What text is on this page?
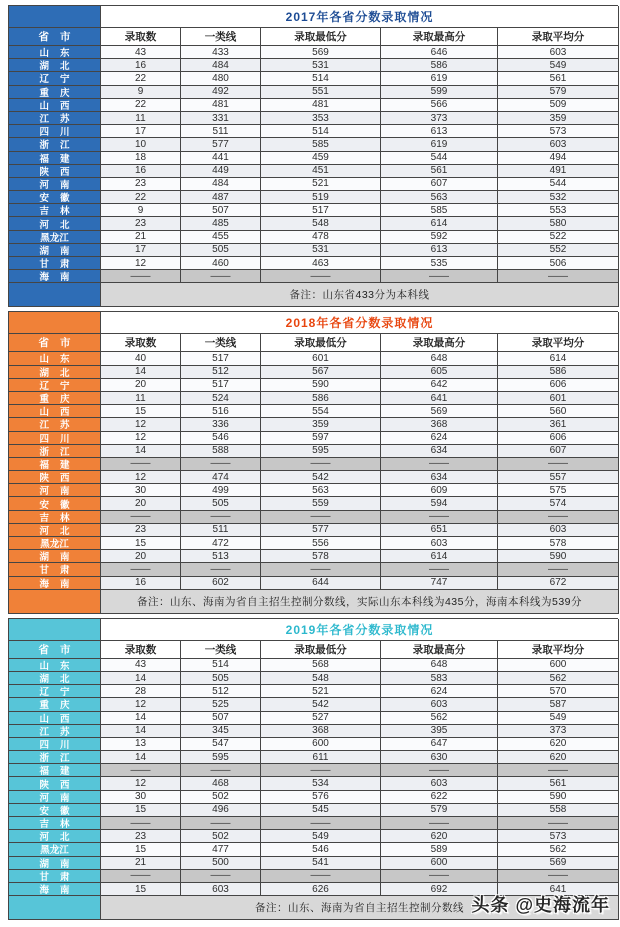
2017年各省分数录取情况
省市	录取数	一类线	录取最低分	录取最高分	录取平均分
山东	43	433	569	646	603
湖北	16	484	531	586	549
辽宁	22	480	514	619	561
重庆	9	492	551	599	579
山西	22	481	481	566	509
江苏	11	331	353	373	359
四川	17	511	514	613	573
浙江	10	577	585	619	603
福建	18	441	459	544	494
陕西	16	449	451	561	491
河南	23	484	521	607	544
安徽	22	487	519	563	532
吉林	9	507	517	585	553
河北	23	485	548	614	580
黑龙江	21	455	478	592	522
湖南	17	505	531	613	552
甘肃	12	460	463	535	506
海南	——	——	——	——	——
备注：山东省433分为本科线
2018年各省分数录取情况
省市	录取数	一类线	录取最低分	录取最高分	录取平均分
山东	40	517	601	648	614
湖北	14	512	567	605	586
辽宁	20	517	590	642	606
重庆	11	524	586	641	601
山西	15	516	554	569	560
江苏	12	336	359	368	361
四川	12	546	597	624	606
浙江	14	588	595	634	607
福建	——	——	——	——	——
陕西	12	474	542	634	557
河南	30	499	563	609	575
安徽	20	505	559	594	574
吉林	——	——	——	——	——
河北	23	511	577	651	603
黑龙江	15	472	556	603	578
湖南	20	513	578	614	590
甘肃	——	——	——	——	——
海南	16	602	644	747	672
备注：山东、海南为省自主招生控制分数线，实际山东本科线为435分，海南本科线为539分
2019年各省分数录取情况
省市	录取数	一类线	录取最低分	录取最高分	录取平均分
山东	43	514	568	648	600
湖北	14	505	548	583	562
辽宁	28	512	521	624	570
重庆	12	525	542	603	587
山西	14	507	527	562	549
江苏	14	345	368	395	373
四川	13	547	600	647	620
浙江	14	595	611	630	620
福建	——	——	——	——	——
陕西	12	468	534	603	561
河南	30	502	576	622	590
安徽	15	496	545	579	558
吉林	——	——	——	——	——
河北	23	502	549	620	573
黑龙江	15	477	546	589	562
湖南	21	500	541	600	569
甘肃	——	——	——	——	——
海南	15	603	626	692	641
备注：山东、海南为省自主招生控制分数线 头条 @史海流年
